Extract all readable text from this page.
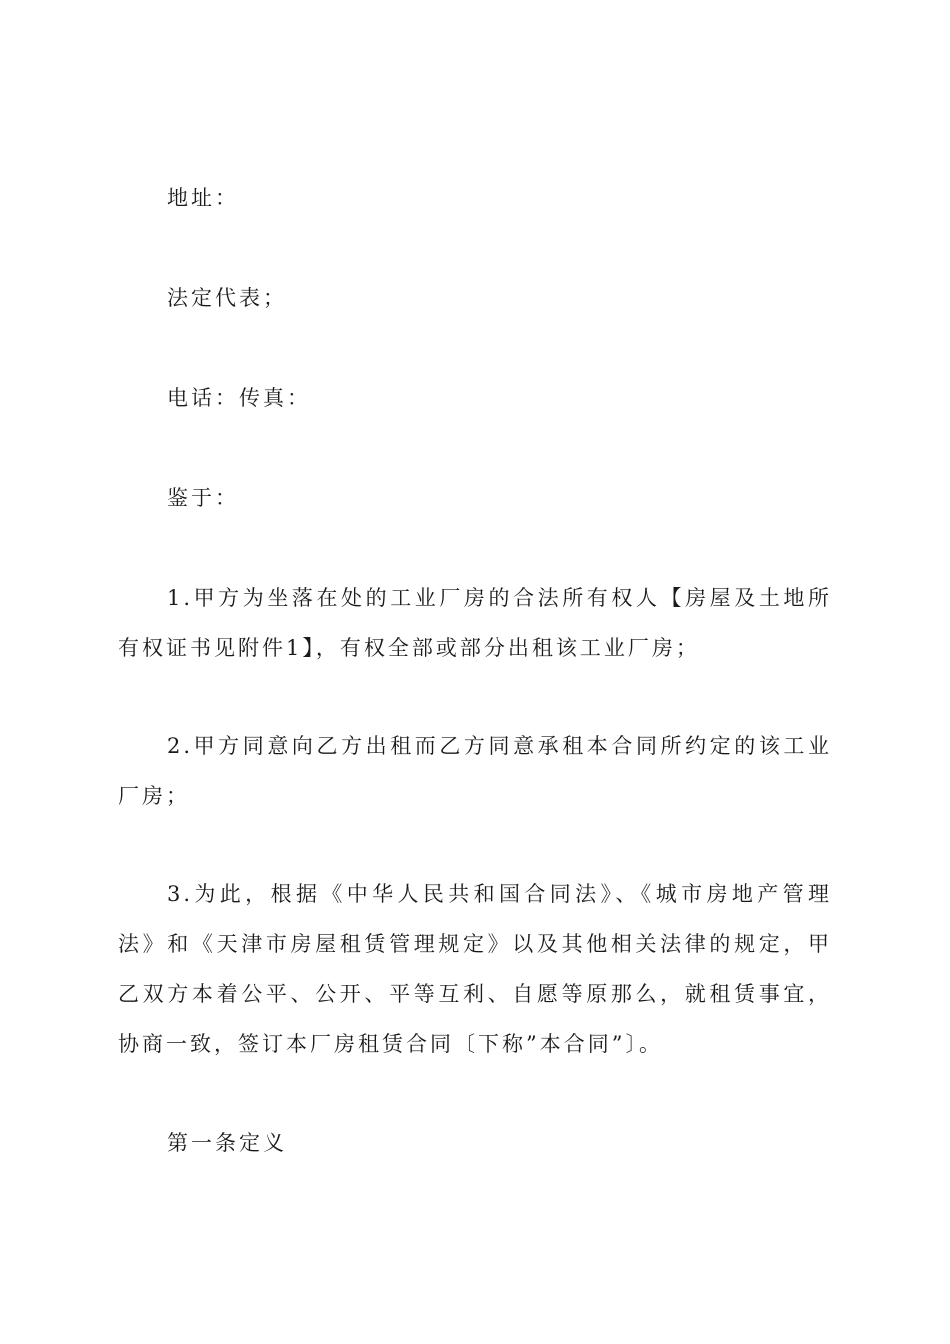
地址：

法定代表；

电话：传真：

鉴于：

1.甲方为坐落在处的工业厂房的合法所有权人【房屋及土地所有权证书见附件1】，有权全部或部分出租该工业厂房；

2.甲方同意向乙方出租而乙方同意承租本合同所约定的该工业厂房；

3.为此，根据《中华人民共和国合同法》、《城市房地产管理法》和《天津市房屋租赁管理规定》以及其他相关法律的规定，甲乙双方本着公平、公开、平等互利、自愿等原那么，就租赁事宜，协商一致，签订本厂房租赁合同〔下称”本合同”〕。

第一条定义
